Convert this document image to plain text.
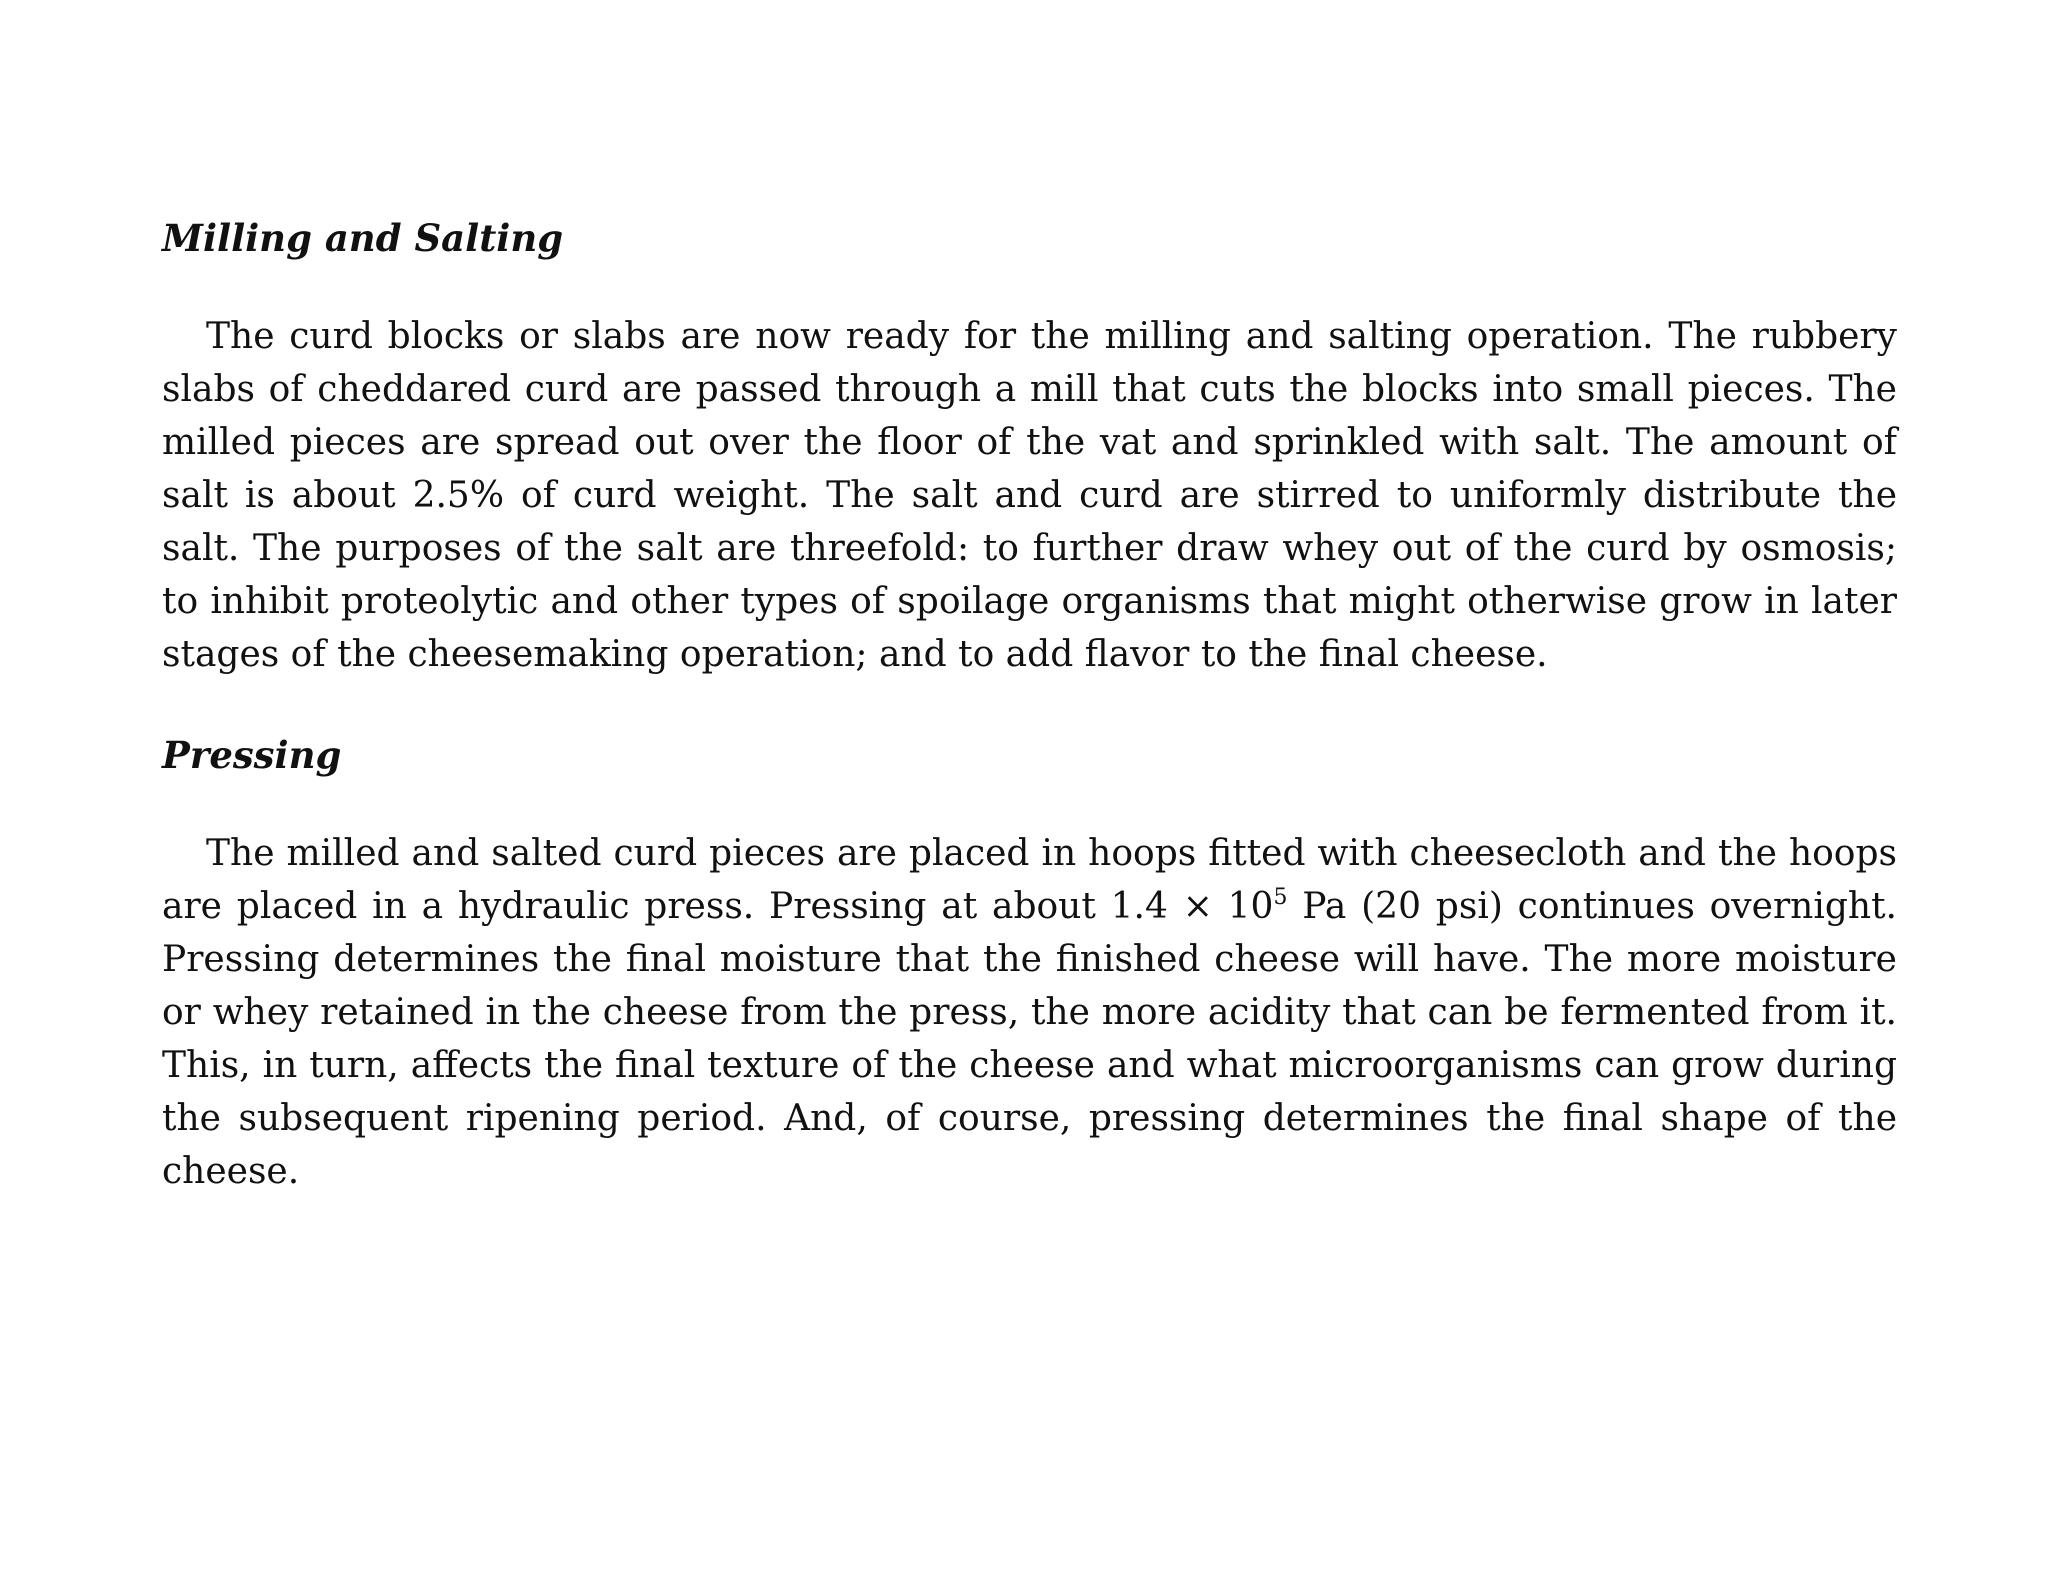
Milling and Salting

The curd blocks or slabs are now ready for the milling and salting operation. The rubbery slabs of cheddared curd are passed through a mill that cuts the blocks into small pieces. The milled pieces are spread out over the floor of the vat and sprinkled with salt. The amount of salt is about 2.5% of curd weight. The salt and curd are stirred to uniformly distribute the salt. The purposes of the salt are threefold: to further draw whey out of the curd by osmosis; to inhibit proteolytic and other types of spoilage organisms that might otherwise grow in later stages of the cheesemaking operation; and to add flavor to the final cheese.

Pressing

The milled and salted curd pieces are placed in hoops fitted with cheesecloth and the hoops are placed in a hydraulic press. Pressing at about $1.4 \times 10^5$ Pa (20 psi) continues overnight. Pressing determines the final moisture that the finished cheese will have. The more moisture or whey retained in the cheese from the press, the more acidity that can be fermented from it. This, in turn, affects the final texture of the cheese and what microorganisms can grow during the subsequent ripening period. And, of course, pressing determines the final shape of the cheese.
